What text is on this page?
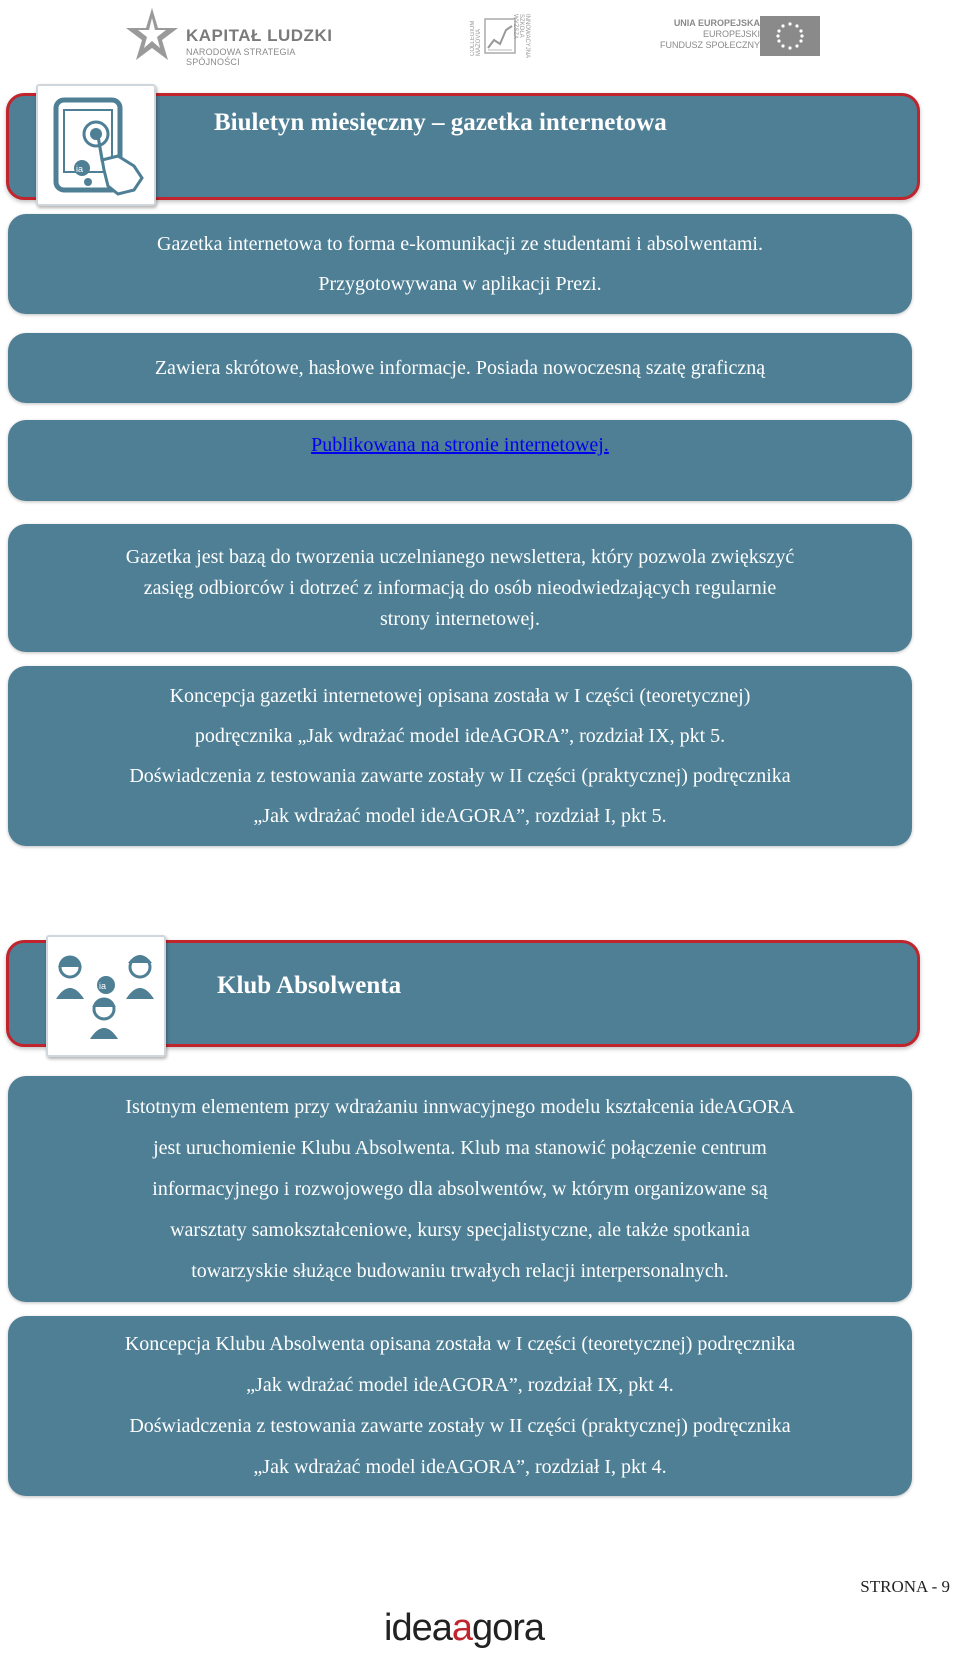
KAPITAŁ LUDZKI
NARODOWA STRATEGIA SPÓJNOŚCI
COLLEGIUM MAZOVIA	INNOWACYJNA SZKOŁA WYŻSZA	UNIA EUROPEJSKA
EUROPEJSKI
FUNDUSZ SPOŁECZNY
ia
Biuletyn miesięczny – gazetka internetowa

Gazetka internetowa to forma e-komunikacji ze studentami i absolwentami.

Przygotowywana w aplikacji Prezi.

Zawiera skrótowe, hasłowe informacje. Posiada nowoczesną szatę graficzną

Publikowana na stronie internetowej.

Gazetka jest bazą do tworzenia uczelnianego newslettera, który pozwola zwiększyć

zasięg odbiorców i dotrzeć z informacją do osób nieodwiedzających regularnie

strony internetowej.

Koncepcja gazetki internetowej opisana została w I części (teoretycznej)

podręcznika „Jak wdrażać model ideAGORA”, rozdział IX, pkt 5.

Doświadczenia z testowania zawarte zostały w II części (praktycznej) podręcznika

„Jak wdrażać model ideAGORA”, rozdział I, pkt 5.

ia	Klub Absolwenta

Istotnym elementem przy wdrażaniu innwacyjnego modelu kształcenia ideAGORA

jest uruchomienie Klubu Absolwenta. Klub ma stanowić połączenie centrum

informacyjnego i rozwojowego dla absolwentów, w którym organizowane są

warsztaty samokształceniowe, kursy specjalistyczne, ale także spotkania

towarzyskie służące budowaniu trwałych relacji interpersonalnych.

Koncepcja Klubu Absolwenta opisana została w I części (teoretycznej) podręcznika

„Jak wdrażać model ideAGORA”, rozdział IX, pkt 4.

Doświadczenia z testowania zawarte zostały w II części (praktycznej) podręcznika

„Jak wdrażać model ideAGORA”, rozdział I, pkt 4.

STRONA - 9
ideaagora
